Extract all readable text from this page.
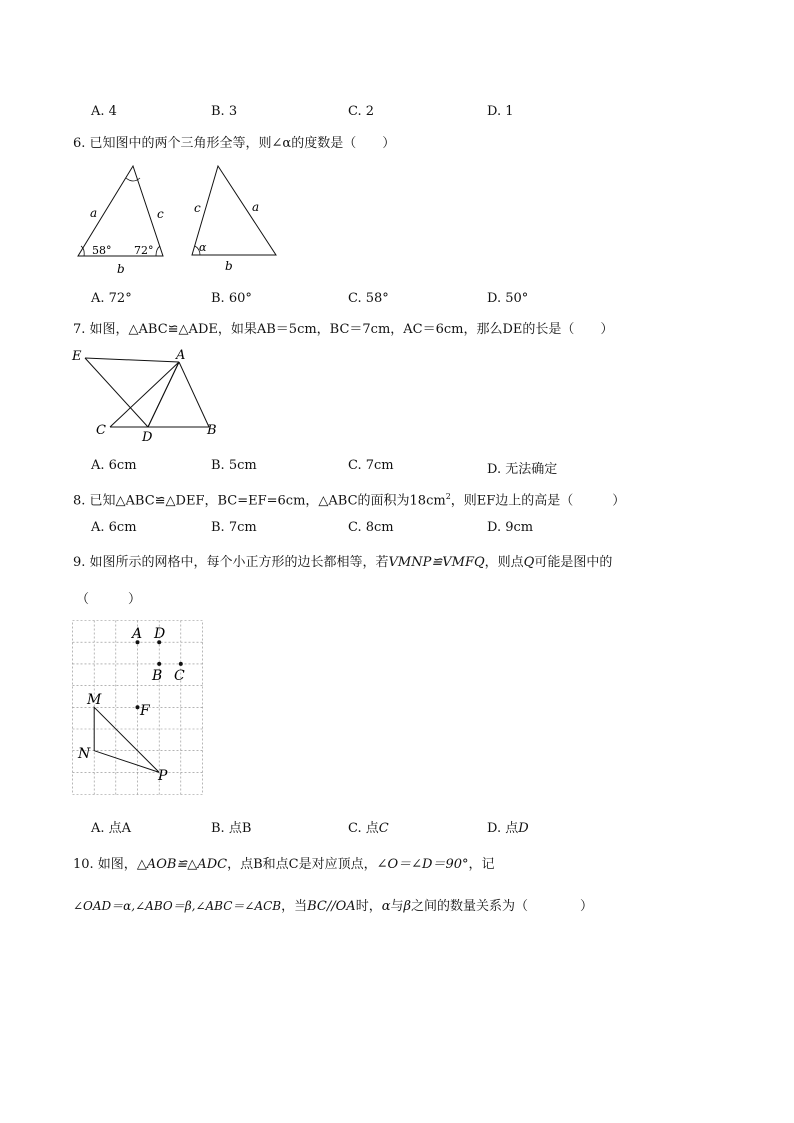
A. 4	B. 3	C. 2	D. 1
6. 已知图中的两个三角形全等，则∠α的度数是（　　）
a	c
b
58° 72°
c	a
b
α
A. 72°	B. 60°	C. 58°	D. 50°
7. 如图，△ABC≌△ADE，如果AB＝5cm，BC＝7cm，AC＝6cm，那么DE的长是（　　）
E	A
C	D	B
A. 6cm	B. 5cm	C. 7cm	D. 无法确定
8. 已知△ABC≌△DEF，BC=EF=6cm，△ABC的面积为$18cm^2$，则EF边上的高是（　　　）
A. 6cm	B. 7cm	C. 8cm	D. 9cm
9. 如图所示的网格中，每个小正方形的边长都相等，若VMNP≌VMFQ，则点Q可能是图中的
（　　　）
A D
B C
M
F
N
P
A. 点A	B. 点B	C. 点C	D. 点D
10. 如图，△AOB≌△ADC，点B和点C是对应顶点，∠O＝∠D＝90°，记
∠OAD＝α,∠ABO＝β,∠ABC＝∠ACB，当BC//OA时，α与β之间的数量关系为（　　　　）
